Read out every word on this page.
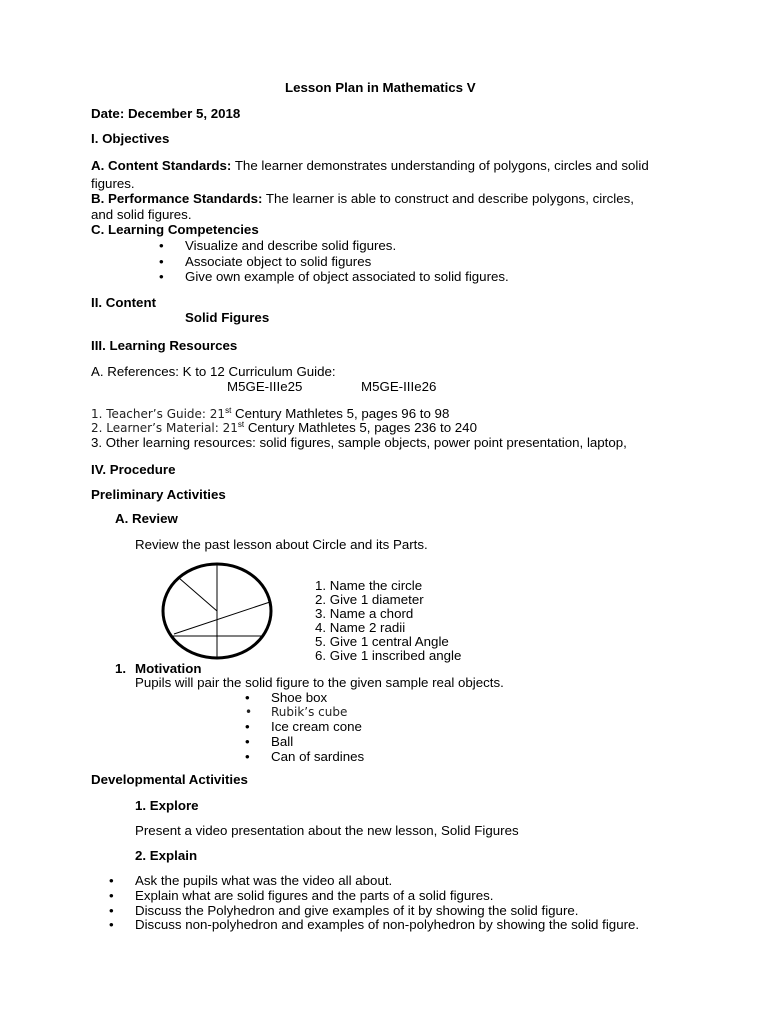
Lesson Plan in Mathematics V
Date: December 5, 2018
I. Objectives
A. Content Standards: The learner demonstrates understanding of polygons, circles and solid
figures.
B. Performance Standards: The learner is able to construct and describe polygons, circles,
and solid figures.
C. Learning Competencies
• Visualize and describe solid figures.
• Associate object to solid figures
• Give own example of object associated to solid figures.
II. Content
Solid Figures
III. Learning Resources
A. References: K to 12 Curriculum Guide:
M5GE-IIIe25	M5GE-IIIe26
1. Teacher’s Guide: 21st Century Mathletes 5, pages 96 to 98
2. Learner’s Material: 21st Century Mathletes 5, pages 236 to 240
3. Other learning resources: solid figures, sample objects, power point presentation, laptop,
IV. Procedure
Preliminary Activities
A. Review
Review the past lesson about Circle and its Parts.
1. Name the circle
2. Give 1 diameter
3. Name a chord
4. Name 2 radii
5. Give 1 central Angle
6. Give 1 inscribed angle
1. Motivation
Pupils will pair the solid figure to the given sample real objects.
• Shoe box
• Rubik’s cube
• Ice cream cone
• Ball
• Can of sardines
Developmental Activities
1. Explore
Present a video presentation about the new lesson, Solid Figures
2. Explain
• Ask the pupils what was the video all about.
• Explain what are solid figures and the parts of a solid figures.
• Discuss the Polyhedron and give examples of it by showing the solid figure.
• Discuss non-polyhedron and examples of non-polyhedron by showing the solid figure.
